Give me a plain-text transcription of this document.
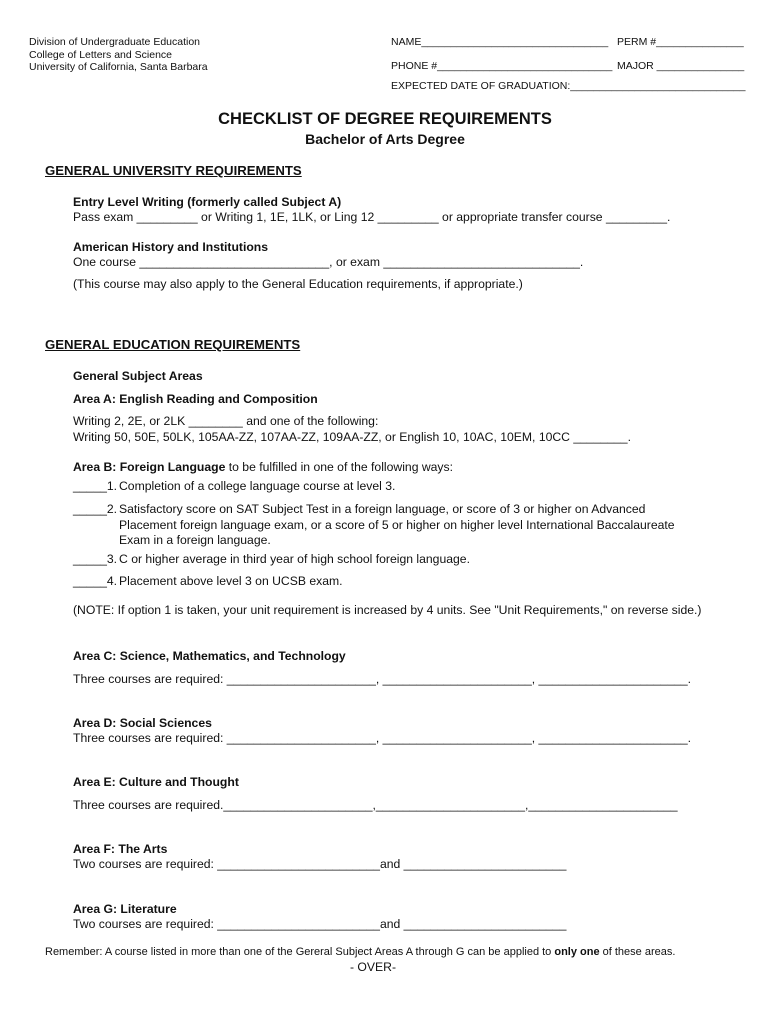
Division of Undergraduate Education
College of Letters and Science
University of California, Santa Barbara
NAME________________________________ PERM #_______________
PHONE #______________________________ MAJOR _______________
EXPECTED DATE OF GRADUATION:______________________________
CHECKLIST OF DEGREE REQUIREMENTS
Bachelor of Arts Degree
GENERAL UNIVERSITY REQUIREMENTS
Entry Level Writing (formerly called Subject A)
Pass exam _________ or Writing 1, 1E, 1LK, or Ling 12 _________ or appropriate transfer course _________.
American History and Institutions
One course ____________________________, or exam _____________________________.
(This course may also apply to the General Education requirements, if appropriate.)
GENERAL EDUCATION REQUIREMENTS
General Subject Areas
Area A: English Reading and Composition
Writing 2, 2E, or 2LK ________ and one of the following:
Writing 50, 50E, 50LK, 105AA-ZZ, 107AA-ZZ, 109AA-ZZ, or English 10, 10AC, 10EM, 10CC ________.
Area B: Foreign Language to be fulfilled in one of the following ways:
_____1. Completion of a college language course at level 3.
_____2. Satisfactory score on SAT Subject Test in a foreign language, or score of 3 or higher on Advanced Placement foreign language exam, or a score of 5 or higher on higher level International Baccalaureate Exam in a foreign language.
_____3. C or higher average in third year of high school foreign language.
_____4. Placement above level 3 on UCSB exam.
(NOTE: If option 1 is taken, your unit requirement is increased by 4 units. See "Unit Requirements," on reverse side.)
Area C: Science, Mathematics, and Technology
Three courses are required: ______________________, ______________________, ______________________.
Area D: Social Sciences
Three courses are required: ______________________, ______________________, ______________________.
Area E: Culture and Thought
Three courses are required.______________________,______________________,______________________
Area F: The Arts
Two courses are required: ________________________and ________________________
Area G: Literature
Two courses are required: ________________________and ________________________
Remember: A course listed in more than one of the Gereral Subject Areas A through G can be applied to only one of these areas.
- OVER-
